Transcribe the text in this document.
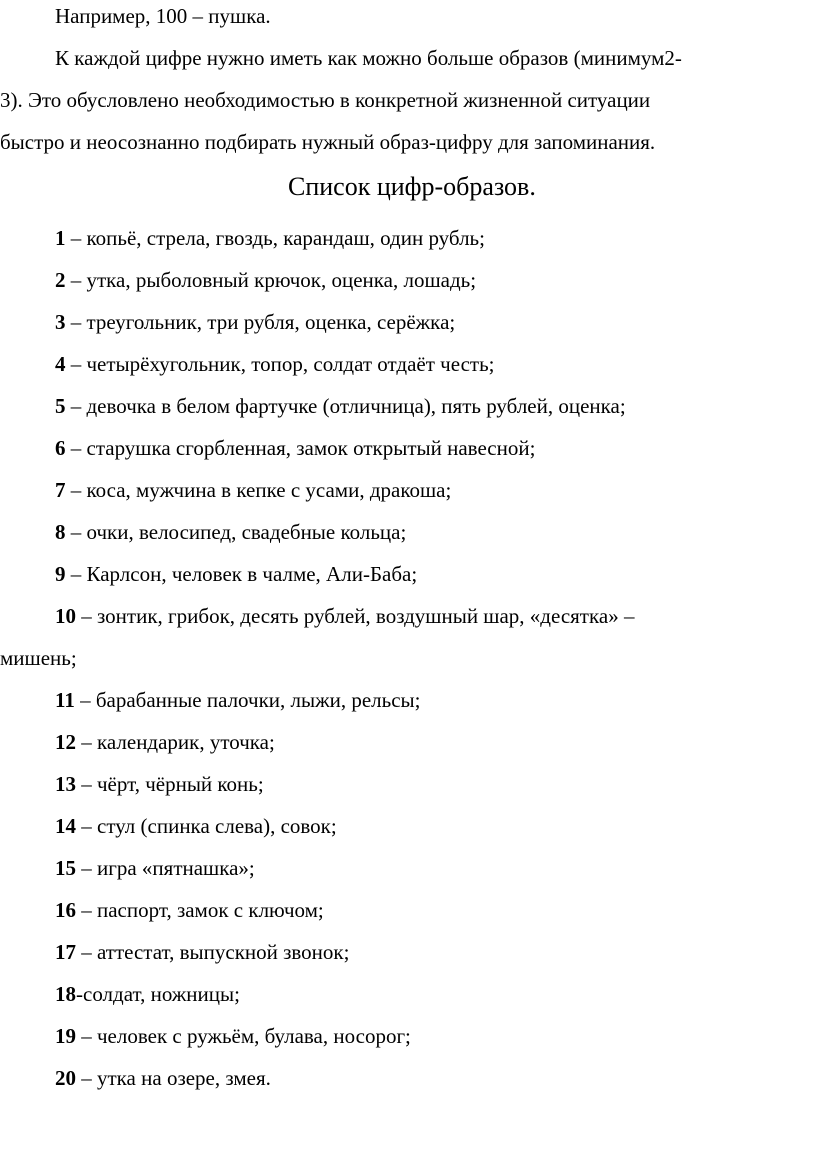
Например, 100 – пушка.

К каждой цифре нужно иметь как можно больше образов (минимум2-

3). Это обусловлено необходимостью в конкретной жизненной ситуации

быстро и неосознанно подбирать нужный образ-цифру для запоминания.

Список цифр-образов.

1 – копьё, стрела, гвоздь, карандаш, один рубль;

2 – утка, рыболовный крючок, оценка, лошадь;

3 – треугольник, три рубля, оценка, серёжка;

4 – четырёхугольник, топор, солдат отдаёт честь;

5 – девочка в белом фартучке (отличница), пять рублей, оценка;

6 – старушка сгорбленная, замок открытый навесной;

7 – коса, мужчина в кепке с усами, дракоша;

8 – очки, велосипед, свадебные кольца;

9 – Карлсон, человек в чалме, Али-Баба;

10 – зонтик, грибок, десять рублей, воздушный шар, «десятка» –

мишень;

11 – барабанные палочки, лыжи, рельсы;

12 – календарик, уточка;

13 – чёрт, чёрный конь;

14 – стул (спинка слева), совок;

15 – игра «пятнашка»;

16 – паспорт, замок с ключом;

17 – аттестат, выпускной звонок;

18-солдат, ножницы;

19 – человек с ружьём, булава, носорог;

20 – утка на озере, змея.
